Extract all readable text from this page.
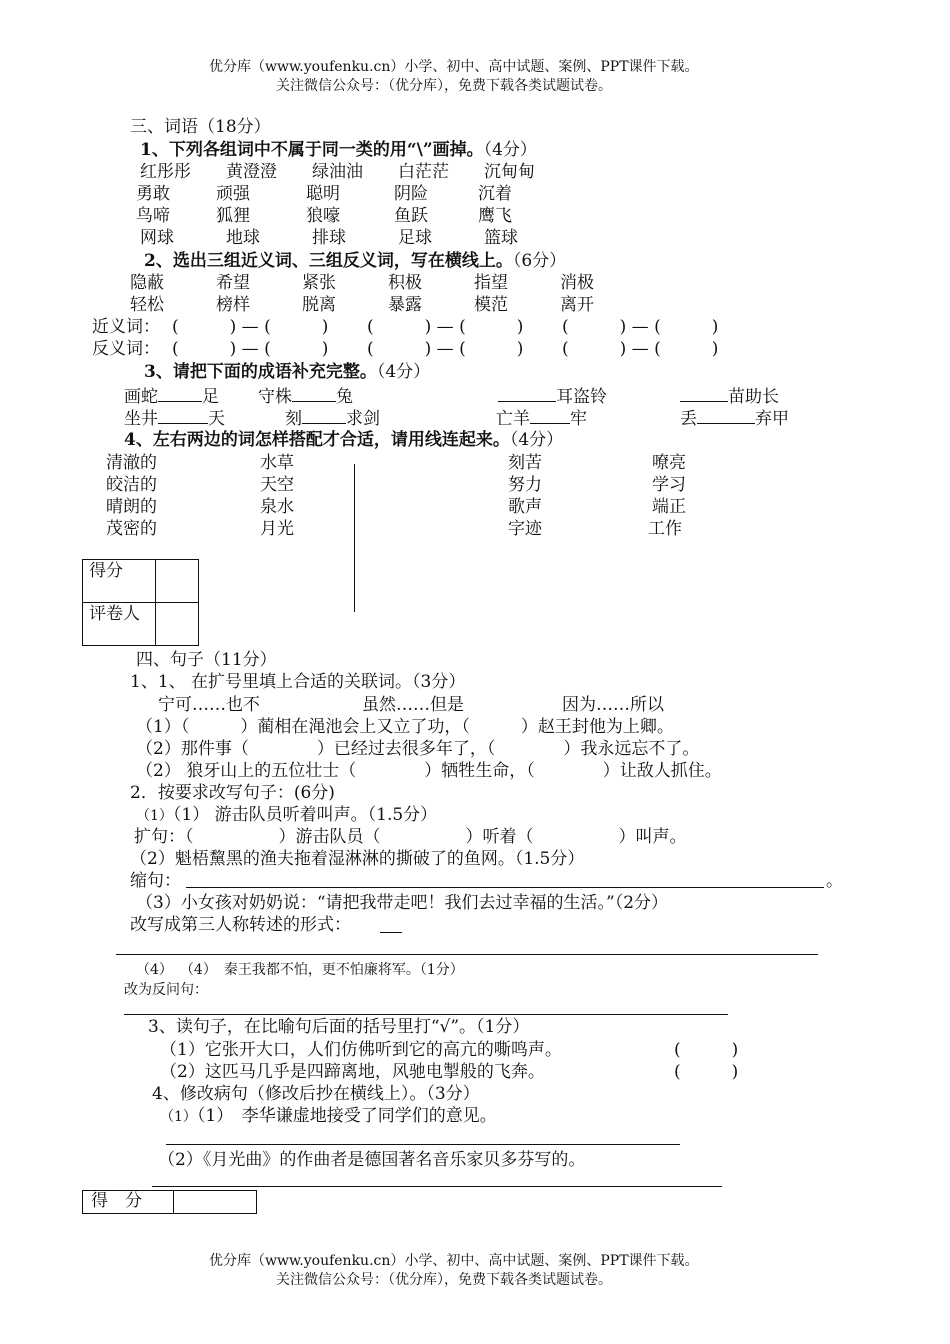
优分库（www.youfenku.cn）小学、初中、高中试题、案例、PPT课件下载。
关注微信公众号：（优分库），免费下载各类试题试卷。
三、词语（18分）
1、下列各组词中不属于同一类的用“\”画掉。（4分）
红彤彤 黄澄澄 绿油油 白茫茫 沉甸甸
勇敢	顽强	聪明	阴险	沉着
鸟啼	狐狸	狼嚎	鱼跃	鹰飞
网球	地球	排球	足球	篮球
2、选出三组近义词、三组反义词，写在横线上。（6分）
隐蔽	希望	紧张	积极	指望	消极
轻松	榜样	脱离	暴露	模范	离开
近义词： (　　　) — (　　　) (　　　) — (　　　) (　　　) — (　　　)
反义词： (　　　) — (　　　) (　　　) — (　　　) (　　　) — (　　　)
3、请把下面的成语补充完整。（4分）
画蛇	足 守株	兔	耳盗铃	苗助长
坐井	天	刻	求剑	亡羊 牢	丢	弃甲
4、左右两边的词怎样搭配才合适，请用线连起来。（4分）
清澈的
皎洁的
晴朗的
茂密的
水草
天空
泉水
月光
刻苦
努力
歌声
字迹
嘹亮
学习
端正
工作
得分	
评卷人	
四、句子（11分）
1、1、 在扩号里填上合适的关联词。（3分）
宁可……也不	虽然……但是	因为……所以
（1）（　　　）蔺相在渑池会上又立了功，（　　　）赵王封他为上卿。
（2）那件事（　　　　）已经过去很多年了，（　　　　）我永远忘不了。
（2） 狼牙山上的五位壮士（　　　　）牺牲生命，（　　　　）让敌人抓住。
2．按要求改写句子：(6分)
（1）（1） 游击队员听着叫声。（1.5分）
扩句：（　　　　　）游击队员（　　　　　）听着（　　　　　）叫声。
（2）魁梧黧黑的渔夫拖着湿淋淋的撕破了的鱼网。（1.5分）
缩句：	。
（3）小女孩对奶奶说：“请把我带走吧！我们去过幸福的生活。”（2分）
改写成第三人称转述的形式：
（4） （4）　秦王我都不怕，更不怕廉将军。（1分）
改为反问句：
3、读句子，在比喻句后面的括号里打“√”。（1分）
（1）它张开大口，人们仿佛听到它的高亢的嘶鸣声。	(　　　)
（2）这匹马几乎是四蹄离地，风驰电掣般的飞奔。	(　　　)
4、修改病句（修改后抄在横线上）。（3分）
（1）（1）　李华谦虚地接受了同学们的意见。
（2）《月光曲》的作曲者是德国著名音乐家贝多芬写的。
得　分	
优分库（www.youfenku.cn）小学、初中、高中试题、案例、PPT课件下载。
关注微信公众号：（优分库），免费下载各类试题试卷。
